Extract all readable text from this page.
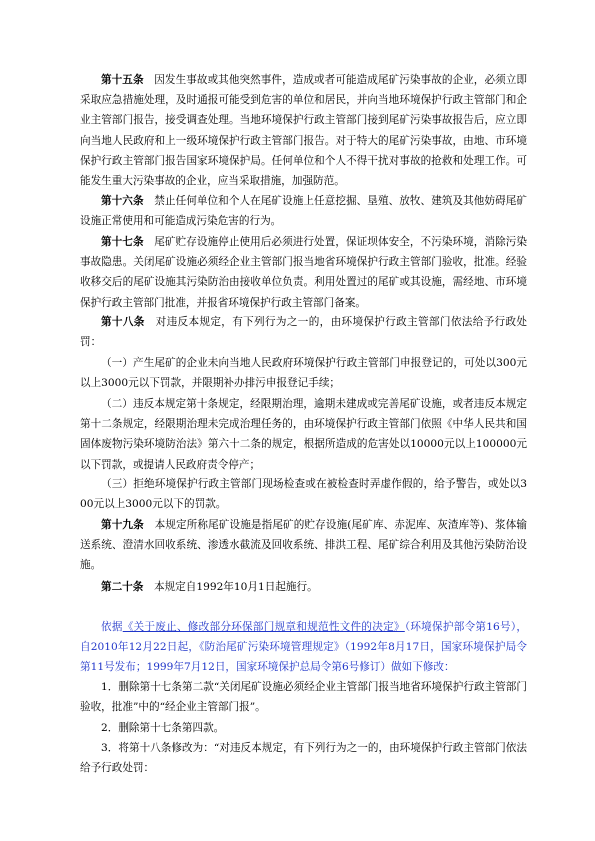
第十五条　 因发生事故或其他突然事件，造成或者可能造成尾矿污染事故的企业，必须立即采取应急措施处理，及时通报可能受到危害的单位和居民，并向当地环境保护行政主管部门和企业主管部门报告，接受调查处理。当地环境保护行政主管部门接到尾矿污染事故报告后，应立即向当地人民政府和上一级环境保护行政主管部门报告。对于特大的尾矿污染事故，由地、市环境保护行政主管部门报告国家环境保护局。任何单位和个人不得干扰对事故的抢救和处理工作。可能发生重大污染事故的企业，应当采取措施，加强防范。

第十六条　 禁止任何单位和个人在尾矿设施上任意挖掘、垦殖、放牧、建筑及其他妨碍尾矿设施正常使用和可能造成污染危害的行为。

第十七条　 尾矿贮存设施停止使用后必须进行处置，保证坝体安全，不污染环境，消除污染事故隐患。关闭尾矿设施必须经企业主管部门报当地省环境保护行政主管部门验收，批准。经验收移交后的尾矿设施其污染防治由接收单位负责。利用处置过的尾矿或其设施，需经地、市环境保护行政主管部门批准，并报省环境保护行政主管部门备案。

第十八条　 对违反本规定，有下列行为之一的，由环境保护行政主管部门依法给予行政处罚：

（一）产生尾矿的企业未向当地人民政府环境保护行政主管部门申报登记的，可处以300元以上3000元以下罚款，并限期补办排污申报登记手续；

（二）违反本规定第十条规定，经限期治理，逾期未建成或完善尾矿设施，或者违反本规定第十二条规定，经限期治理未完成治理任务的，由环境保护行政主管部门依照《中华人民共和国固体废物污染环境防治法》第六十二条的规定，根据所造成的危害处以10000元以上100000元以下罚款，或提请人民政府责令停产；

（三）拒绝环境保护行政主管部门现场检查或在被检查时弄虚作假的，给予警告，或处以300元以上3000元以下的罚款。

第十九条　 本规定所称尾矿设施是指尾矿的贮存设施(尾矿库、赤泥库、灰渣库等)、浆体输送系统、澄清水回收系统、渗透水截流及回收系统、排洪工程、尾矿综合利用及其他污染防治设施。

第二十条　 本规定自1992年10月1日起施行。

依据《关于废止、修改部分环保部门规章和规范性文件的决定》（环境保护部令第16号），自2010年12月22日起，《防治尾矿污染环境管理规定》（1992年8月17日，国家环境保护局令第11号发布；1999年7月12日，国家环境保护总局令第6号修订）做如下修改：

1．删除第十七条第二款“关闭尾矿设施必须经企业主管部门报当地省环境保护行政主管部门验收，批准”中的“经企业主管部门报”。

2．删除第十七条第四款。

3．将第十八条修改为：“对违反本规定，有下列行为之一的，由环境保护行政主管部门依法给予行政处罚：
